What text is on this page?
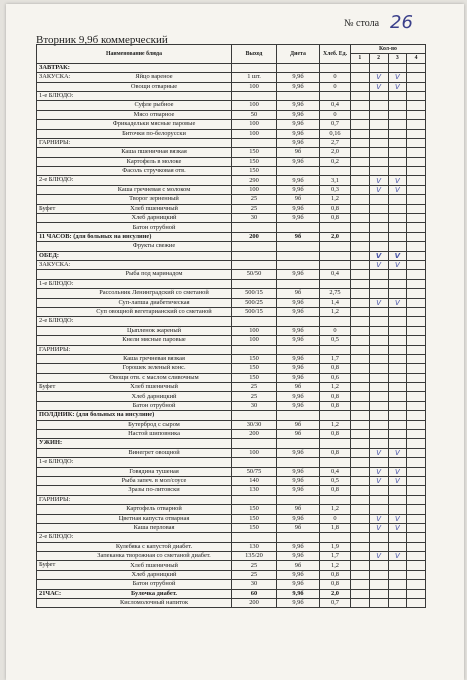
Вторник 9,9б коммерческий
№ стола 26
Наименование блюда	Выход	Диета	Хлеб. Ед.	Кол-во			
				1	2	3	4

ЗАВТРАК:							

ЗАКУСКА: Яйцо вареное	1 шт.	9,9б	0		V	V	

Овощи отварные	100	9,9б	0		V	V	

1-е БЛЮДО:							

Суфле рыбное	100	9,9б	0,4				

Мясо отварное	50	9,9б	0				

Фрикадельки мясные паровые	100	9,9б	0,7				

Биточки по-белорусски	100	9,9б	0,16				

ГАРНИРЫ:		9,9б	2,7				

Каша пшеничная вязкая	150	9б	2,0				

Картофель в молоке	150	9,9б	0,2				

Фасоль стручковая отв.	150						

2-е БЛЮДО:	290	9,9б	3,1		V	V	

Каша гречневая с молоком	100	9,9б	0,3		V	V	

Творог зерненный	25	9б	1,2				

Буфет Хлеб пшеничный	25	9,9б	0,8				

Хлеб дарницкий	30	9,9б	0,8				

Батон отрубной							

11 ЧАСОВ: (для больных на инсулине)	200	9б	2,0				

Фрукты свежие							

ОБЕД:					V	V	

ЗАКУСКА:					V	V	

Рыба под маринадом	50/50	9,9б	0,4				

1-е БЛЮДО:							

Рассольник Ленинградский со сметаной	500/15	9б	2,75				

Суп-лапша диабетическая	500/25	9,9б	1,4		V	V	

Суп овощной вегетарианский со сметаной	500/15	9,9б	1,2				

2-е БЛЮДО:							

Цыпленок жареный	100	9,9б	0				

Кнели мясные паровые	100	9,9б	0,5				

ГАРНИРЫ:							

Каша гречневая вязкая	150	9,9б	1,7				

Горошек зеленый конс.	150	9,9б	0,8				

Овощи отв. с маслом сливочным	150	9,9б	0,6				

Буфет Хлеб пшеничный	25	9б	1,2				

Хлеб дарницкий	25	9,9б	0,8				

Батон отрубной	30	9,9б	0,8				

ПОЛДНИК: (для больных на инсулине)							

Бутерброд с сыром	30/30	9б	1,2				

Настой шиповника	200	9б	0,8				

УЖИН:							

Винегрет овощной	100	9,9б	0,8		V	V	

1-е БЛЮДО:							

Говядина тушеная	50/75	9,9б	0,4		V	V	

Рыба запеч. в мол/соусе	140	9,9б	0,5		V	V	

Зразы по-литовски	130	9,9б	0,8				

ГАРНИРЫ:							

Картофель отварной	150	9б	1,2				

Цветная капуста отварная	150	9,9б	0		V	V	

Каша перловая	150	9б	1,8		V	V	

2-е БЛЮДО:							

Кулебяка с капустой диабет.	130	9,9б	1,9				

Запеканка творожная со сметаной диабет.	135/20	9,9б	1,7		V	V	

Буфет Хлеб пшеничный	25	9б	1,2				

Хлеб дарницкий	25	9,9б	0,8				

Батон отрубной	30	9,9б	0,8				

21ЧАС: Булочка диабет.	60	9,9б	2,0				

Кисломолочный напиток	200	9,9б	0,7				
